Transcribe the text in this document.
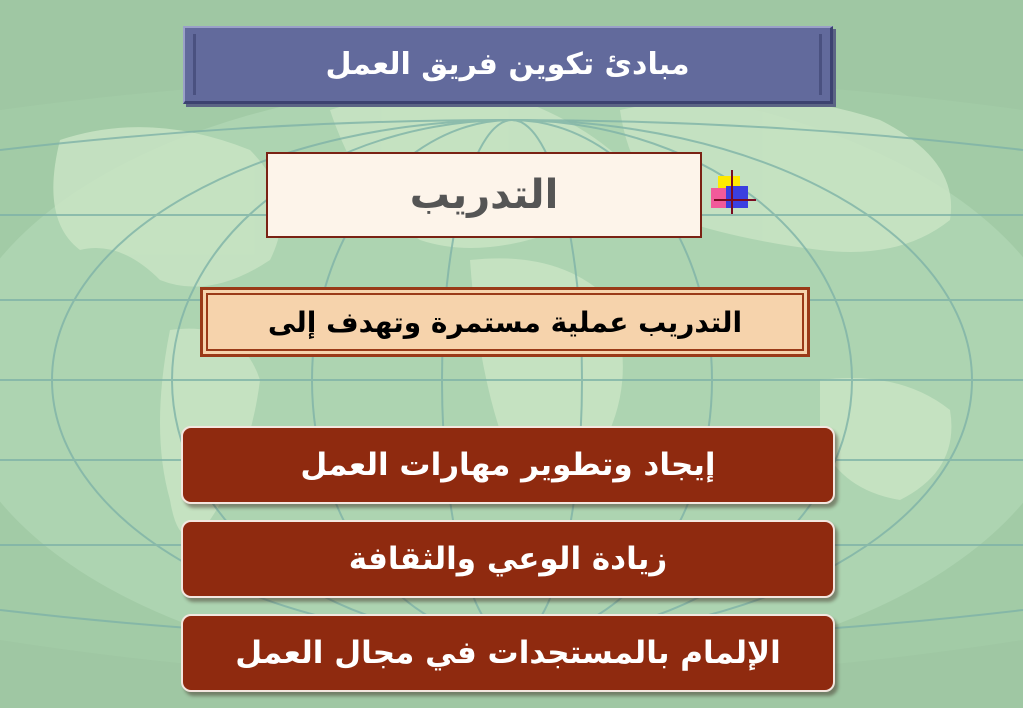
مبادئ تكوين فريق العمل
التدريب
التدريب عملية مستمرة وتهدف إلى
إيجاد وتطوير مهارات العمل
زيادة الوعي والثقافة
الإلمام بالمستجدات في مجال العمل
